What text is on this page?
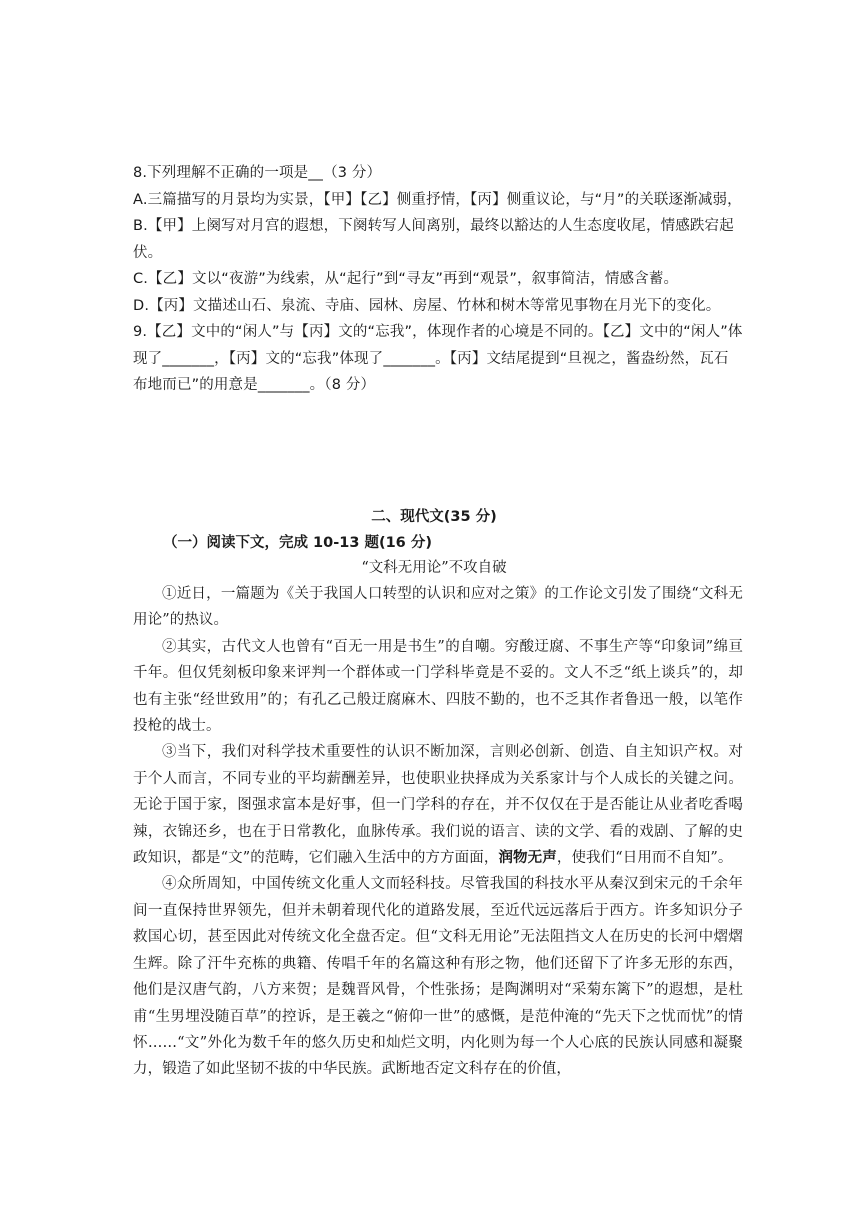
8.下列理解不正确的一项是__（3 分）

A.三篇描写的月景均为实景，【甲】【乙】侧重抒情，【丙】侧重议论，与“月”的关联逐渐减弱，

B.【甲】上阕写对月宫的遐想，下阕转写人间离别，最终以豁达的人生态度收尾，情感跌宕起伏。

C.【乙】文以“夜游”为线索，从“起行”到“寻友”再到“观景”，叙事简洁，情感含蓄。

D.【丙】文描述山石、泉流、寺庙、园林、房屋、竹林和树木等常见事物在月光下的变化。

9.【乙】文中的“闲人”与【丙】文的“忘我”，体现作者的心境是不同的。【乙】文中的“闲人”体现了_______，【丙】文的“忘我”体现了_______。【丙】文结尾提到“旦视之，酱盎纷然，瓦石布地而已”的用意是_______。（8 分）

二、现代文(35 分)
（一）阅读下文，完成 10-13 题(16 分)
“文科无用论”不攻自破

①近日，一篇题为《关于我国人口转型的认识和应对之策》的工作论文引发了围绕“文科无用论”的热议。

②其实，古代文人也曾有“百无一用是书生”的自嘲。穷酸迂腐、不事生产等“印象词”绵亘千年。但仅凭刻板印象来评判一个群体或一门学科毕竟是不妥的。文人不乏“纸上谈兵”的，却也有主张“经世致用”的；有孔乙己般迂腐麻木、四肢不勤的，也不乏其作者鲁迅一般，以笔作投枪的战士。

③当下，我们对科学技术重要性的认识不断加深，言则必创新、创造、自主知识产权。对于个人而言，不同专业的平均薪酬差异，也使职业抉择成为关系家计与个人成长的关键之问。无论于国于家，图强求富本是好事，但一门学科的存在，并不仅仅在于是否能让从业者吃香喝辣，衣锦还乡，也在于日常教化，血脉传承。我们说的语言、读的文学、看的戏剧、了解的史政知识，都是“文”的范畴，它们融入生活中的方方面面，润物无声，使我们“日用而不自知”。

④众所周知，中国传统文化重人文而轻科技。尽管我国的科技水平从秦汉到宋元的千余年间一直保持世界领先，但并未朝着现代化的道路发展，至近代远远落后于西方。许多知识分子救国心切，甚至因此对传统文化全盘否定。但“文科无用论”无法阻挡文人在历史的长河中熠熠生辉。除了汗牛充栋的典籍、传唱千年的名篇这种有形之物，他们还留下了许多无形的东西，他们是汉唐气韵，八方来贺；是魏晋风骨，个性张扬；是陶渊明对“采菊东篱下”的遐想，是杜甫“生男埋没随百草”的控诉，是王羲之“俯仰一世”的感慨，是范仲淹的“先天下之忧而忧”的情怀……“文”外化为数千年的悠久历史和灿烂文明，内化则为每一个人心底的民族认同感和凝聚力，锻造了如此坚韧不拔的中华民族。武断地否定文科存在的价值，
